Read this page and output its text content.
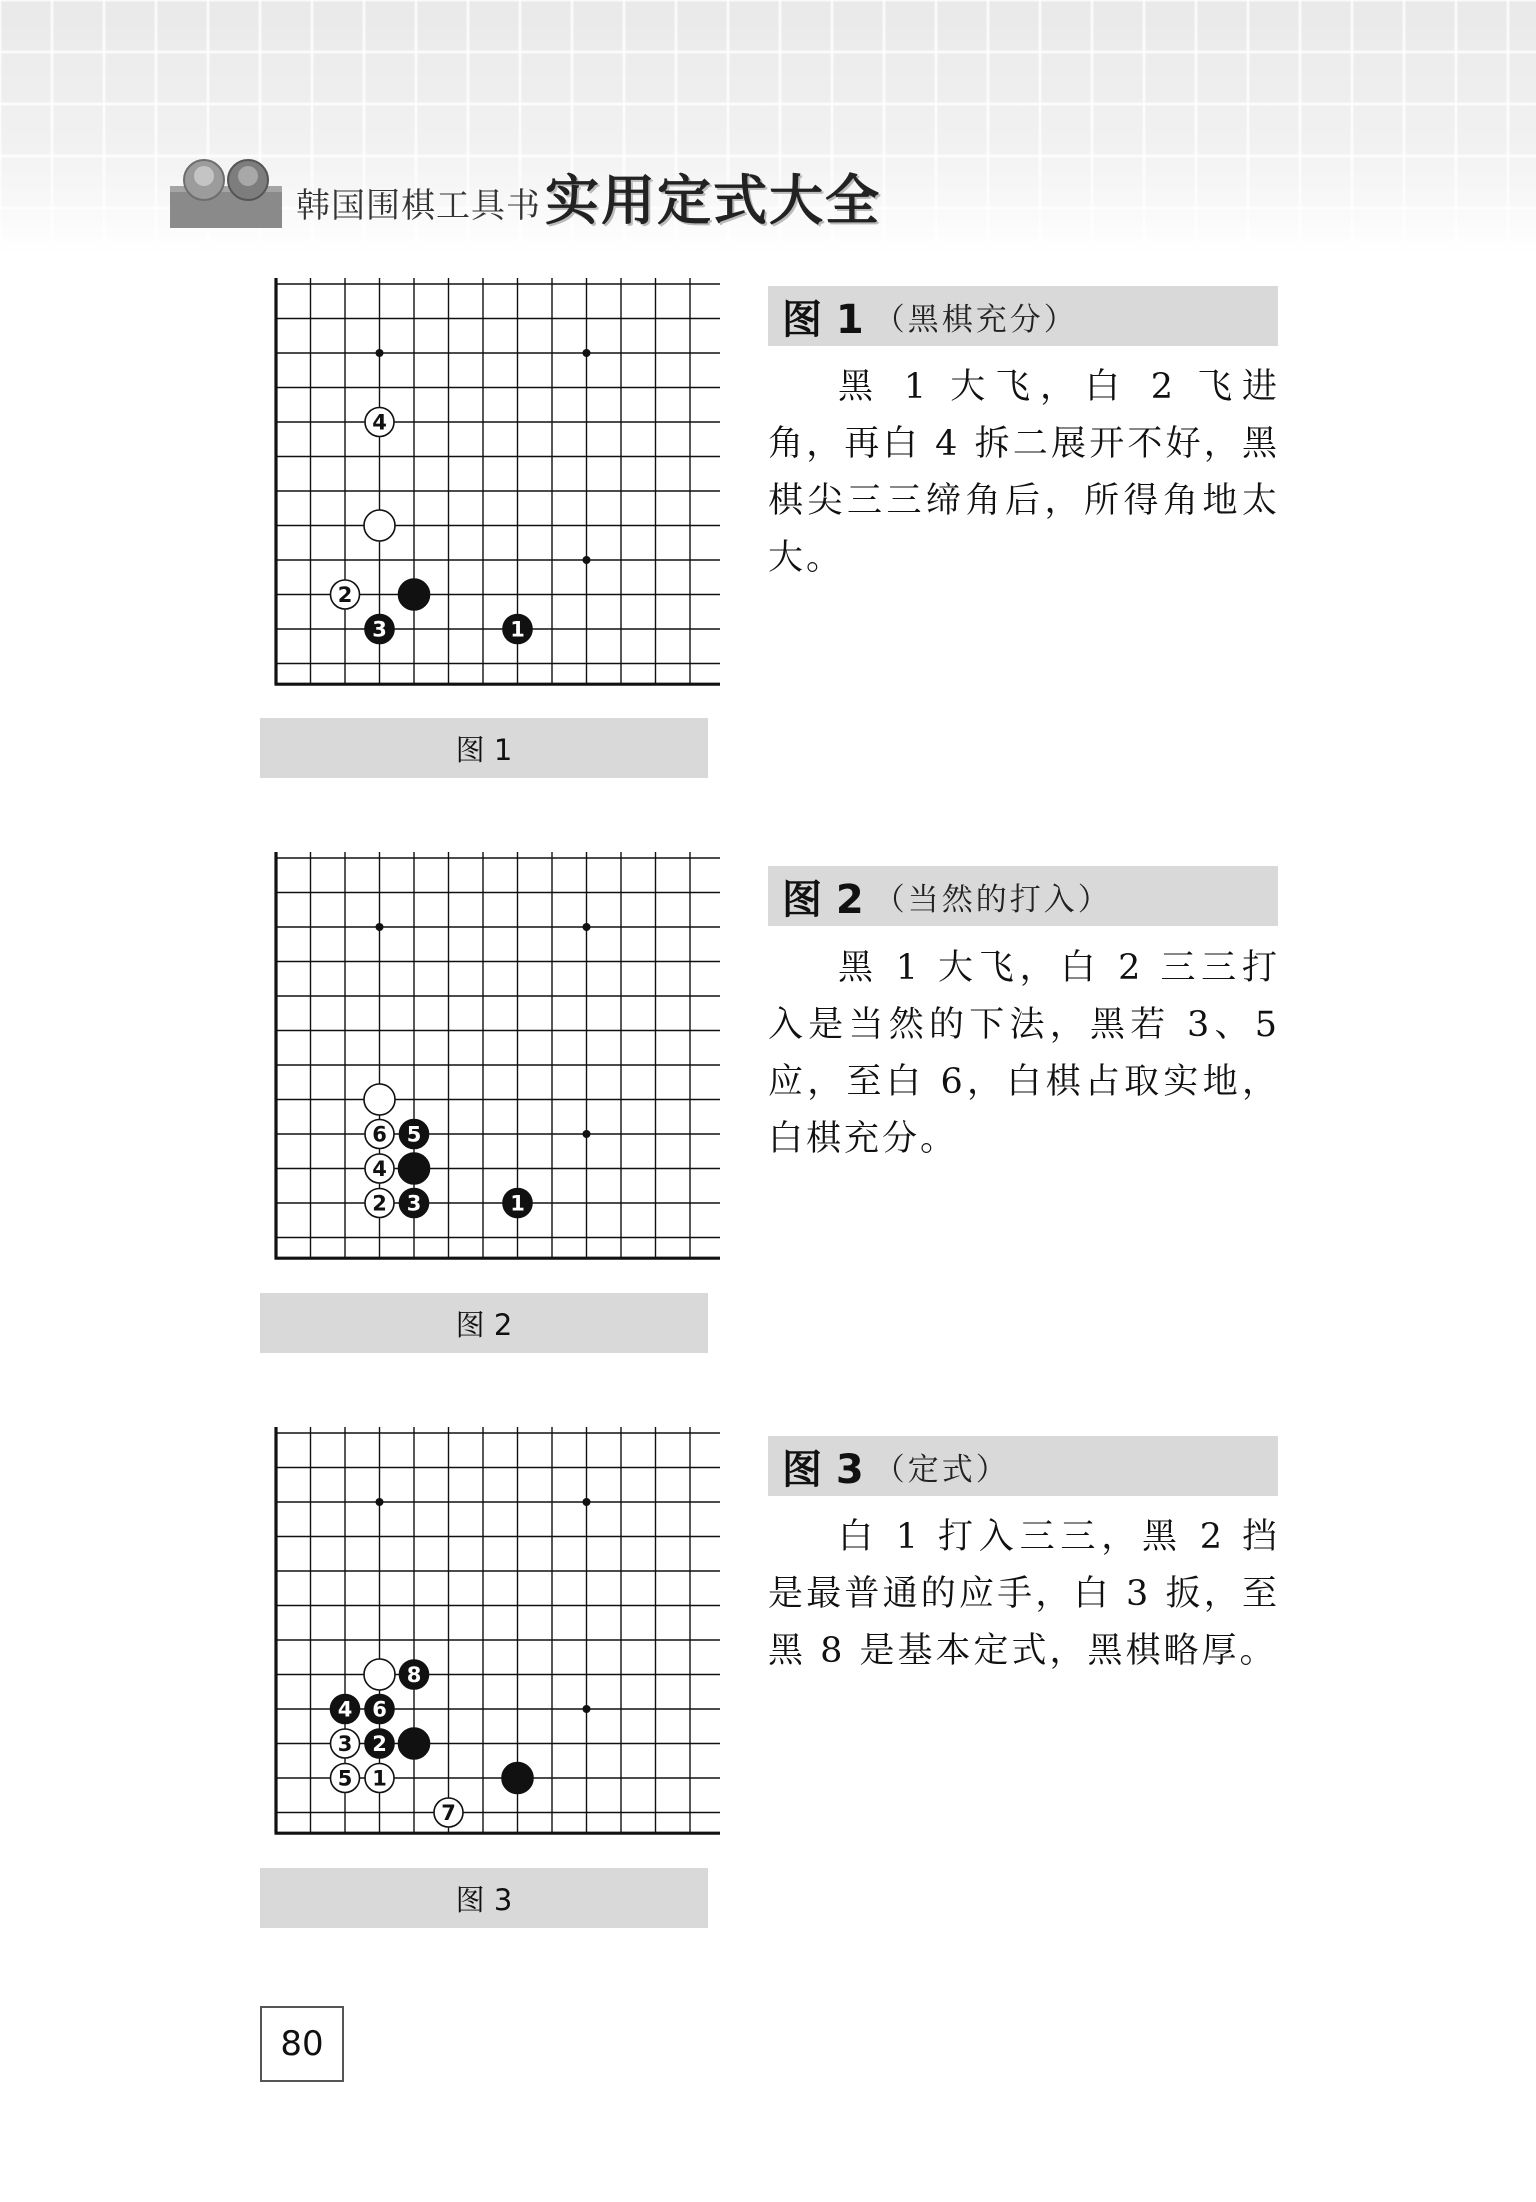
韩国围棋工具书 实用定式大全
2
3
4
1
图 1
图 1 （黑棋充分）

黑 1 大飞，白 2 飞进角，再白 4 拆二展开不好，黑棋尖三三缔角后，所得角地太大。

1
2 3
4
5
6
图 2
图 2 （当然的打入）

黑 1 大飞，白 2 三三打入是当然的下法，黑若 3、5 应，至白 6，白棋占取实地，白棋充分。

1
2
3
4
5
6
7
8
图 3
图 3 （定式）

白 1 打入三三，黑 2 挡是最普通的应手，白 3 扳，至黑 8 是基本定式，黑棋略厚。

80
